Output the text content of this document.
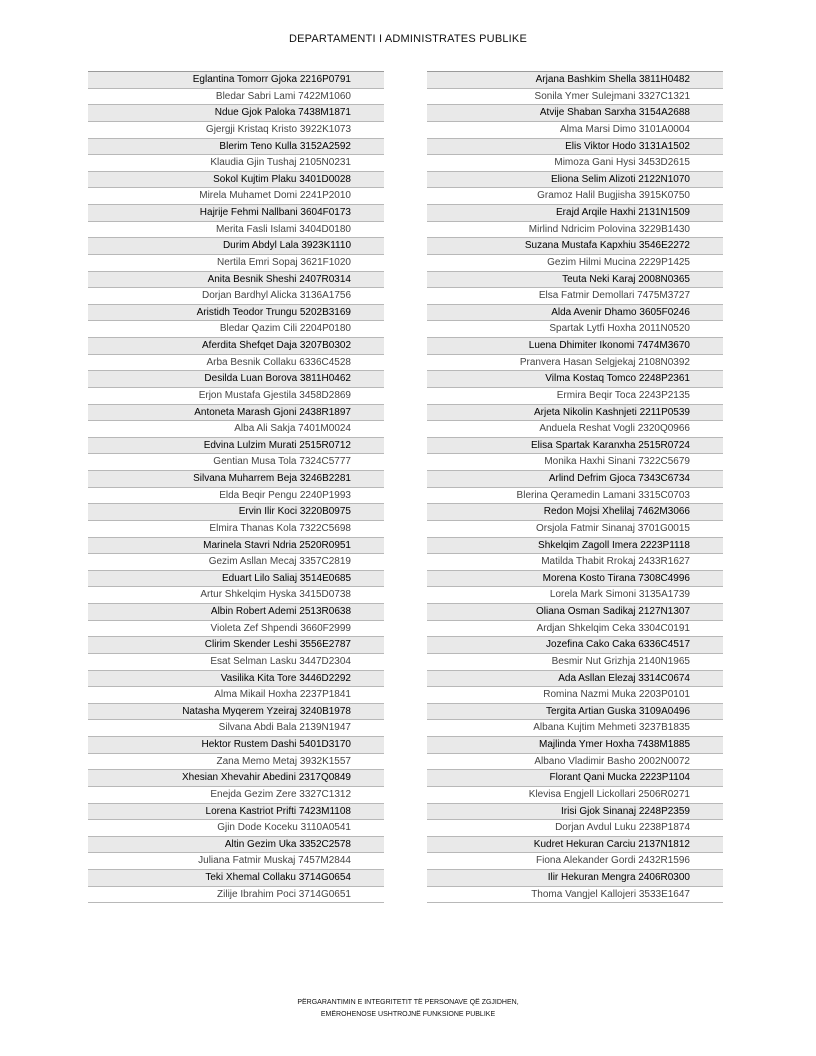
DEPARTAMENTI I ADMINISTRATES PUBLIKE
Eglantina Tomorr Gjoka 2216P0791
Bledar Sabri Lami 7422M1060
Ndue Gjok Paloka 7438M1871
Gjergji Kristaq Kristo 3922K1073
Blerim Teno Kulla 3152A2592
Klaudia Gjin Tushaj 2105N0231
Sokol Kujtim Plaku 3401D0028
Mirela Muhamet Domi 2241P2010
Hajrije Fehmi Nallbani 3604F0173
Merita Fasli Islami 3404D0180
Durim Abdyl Lala 3923K1110
Nertila Emri Sopaj 3621F1020
Anita Besnik Sheshi 2407R0314
Dorjan Bardhyl Alicka 3136A1756
Aristidh Teodor Trungu 5202B3169
Bledar Qazim Cili 2204P0180
Aferdita Shefqet Daja 3207B0302
Arba Besnik Collaku 6336C4528
Desilda Luan Borova 3811H0462
Erjon Mustafa Gjestila 3458D2869
Antoneta Marash Gjoni 2438R1897
Alba Ali Sakja 7401M0024
Edvina Lulzim Murati 2515R0712
Gentian Musa Tola 7324C5777
Silvana Muharrem Beja 3246B2281
Elda Beqir Pengu 2240P1993
Ervin Ilir Koci 3220B0975
Elmira Thanas Kola 7322C5698
Marinela Stavri Ndria 2520R0951
Gezim Asllan Mecaj 3357C2819
Eduart Lilo Saliaj 3514E0685
Artur Shkelqim Hyska 3415D0738
Albin Robert Ademi 2513R0638
Violeta Zef Shpendi 3660F2999
Clirim Skender Leshi 3556E2787
Esat Selman Lasku 3447D2304
Vasilika Kita Tore 3446D2292
Alma Mikail Hoxha 2237P1841
Natasha Myqerem Yzeiraj 3240B1978
Silvana Abdi Bala 2139N1947
Hektor Rustem Dashi 5401D3170
Zana Memo Metaj 3932K1557
Xhesian Xhevahir Abedini 2317Q0849
Enejda Gezim Zere 3327C1312
Lorena Kastriot Prifti 7423M1108
Gjin Dode Koceku 3110A0541
Altin Gezim Uka 3352C2578
Juliana Fatmir Muskaj 7457M2844
Teki Xhemal Collaku 3714G0654
Zilije Ibrahim Poci 3714G0651
Arjana Bashkim Shella 3811H0482
Sonila Ymer Sulejmani 3327C1321
Atvije Shaban Sarxha 3154A2688
Alma Marsi Dimo 3101A0004
Elis Viktor Hodo 3131A1502
Mimoza Gani Hysi 3453D2615
Eliona Selim Alizoti 2122N1070
Gramoz Halil Bugjisha 3915K0750
Erajd Arqile Haxhi 2131N1509
Mirlind Ndricim Polovina 3229B1430
Suzana Mustafa Kapxhiu 3546E2272
Gezim Hilmi Mucina 2229P1425
Teuta Neki Karaj 2008N0365
Elsa Fatmir Demollari 7475M3727
Alda Avenir Dhamo 3605F0246
Spartak Lytfi Hoxha 2011N0520
Luena Dhimiter Ikonomi 7474M3670
Pranvera Hasan Selgjekaj 2108N0392
Vilma Kostaq Tomco 2248P2361
Ermira Beqir Toca 2243P2135
Arjeta Nikolin Kashnjeti 2211P0539
Anduela Reshat Vogli 2320Q0966
Elisa Spartak Karanxha 2515R0724
Monika Haxhi Sinani 7322C5679
Arlind Defrim Gjoca 7343C6734
Blerina Qeramedin Lamani 3315C0703
Redon Mojsi Xhelilaj 7462M3066
Orsjola Fatmir Sinanaj 3701G0015
Shkelqim Zagoll Imera 2223P1118
Matilda Thabit Rrokaj 2433R1627
Morena Kosto Tirana 7308C4996
Lorela Mark Simoni 3135A1739
Oliana Osman Sadikaj 2127N1307
Ardjan Shkelqim Ceka 3304C0191
Jozefina Cako Caka 6336C4517
Besmir Nut Grizhja 2140N1965
Ada Asllan Elezaj 3314C0674
Romina Nazmi Muka 2203P0101
Tergita Artian Guska 3109A0496
Albana Kujtim Mehmeti 3237B1835
Majlinda Ymer Hoxha 7438M1885
Albano Vladimir Basho 2002N0072
Florant Qani Mucka 2223P1104
Klevisa Engjell Lickollari 2506R0271
Irisi Gjok Sinanaj 2248P2359
Dorjan Avdul Luku 2238P1874
Kudret Hekuran Carciu 2137N1812
Fiona Alekander Gordi 2432R1596
Ilir Hekuran Mengra 2406R0300
Thoma Vangjel Kallojeri 3533E1647
PËRGARANTIMIN E INTEGRITETIT TË PERSONAVE QË ZGJIDHEN,
EMËROHENOSE USHTROJNË FUNKSIONE PUBLIKE
